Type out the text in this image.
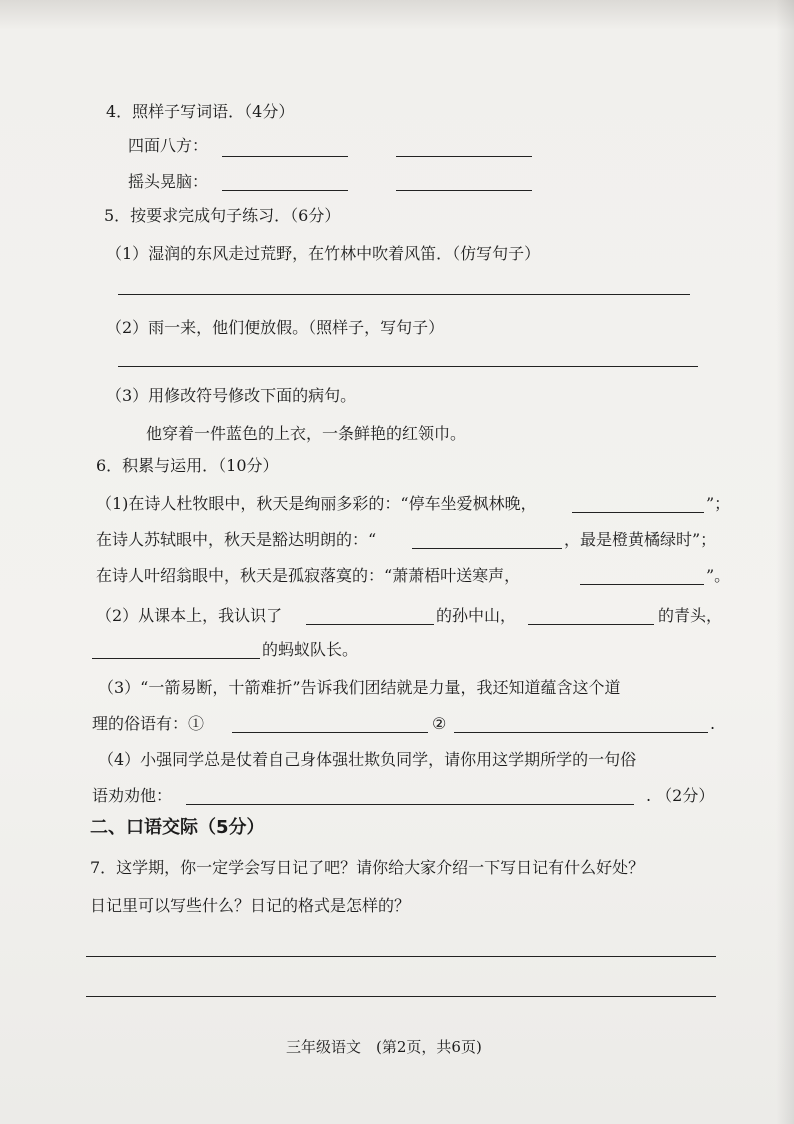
4．照样子写词语．（4分）
四面八方：
摇头晃脑：
5．按要求完成句子练习．（6分）
（1）湿润的东风走过荒野，在竹林中吹着风笛．（仿写句子）
（2）雨一来，他们便放假。（照样子，写句子）
（3）用修改符号修改下面的病句。
他穿着一件蓝色的上衣，一条鲜艳的红领巾。
6．积累与运用．（10分）
（1)在诗人杜牧眼中，秋天是绚丽多彩的：“停车坐爱枫林晚，	”；
在诗人苏轼眼中，秋天是豁达明朗的：“	，最是橙黄橘绿时”；
在诗人叶绍翁眼中，秋天是孤寂落寞的：“萧萧梧叶送寒声，	”。
（2）从课本上，我认识了	的孙中山，	的青头，
的蚂蚁队长。
（3）“一箭易断，十箭难折”告诉我们团结就是力量，我还知道蕴含这个道
理的俗语有：①	②	.
（4）小强同学总是仗着自己身体强壮欺负同学，请你用这学期所学的一句俗
语劝劝他：	. （2分）
二、口语交际（5分）
7．这学期，你一定学会写日记了吧？请你给大家介绍一下写日记有什么好处？
日记里可以写些什么？日记的格式是怎样的？
三年级语文　(第2页，共6页)
